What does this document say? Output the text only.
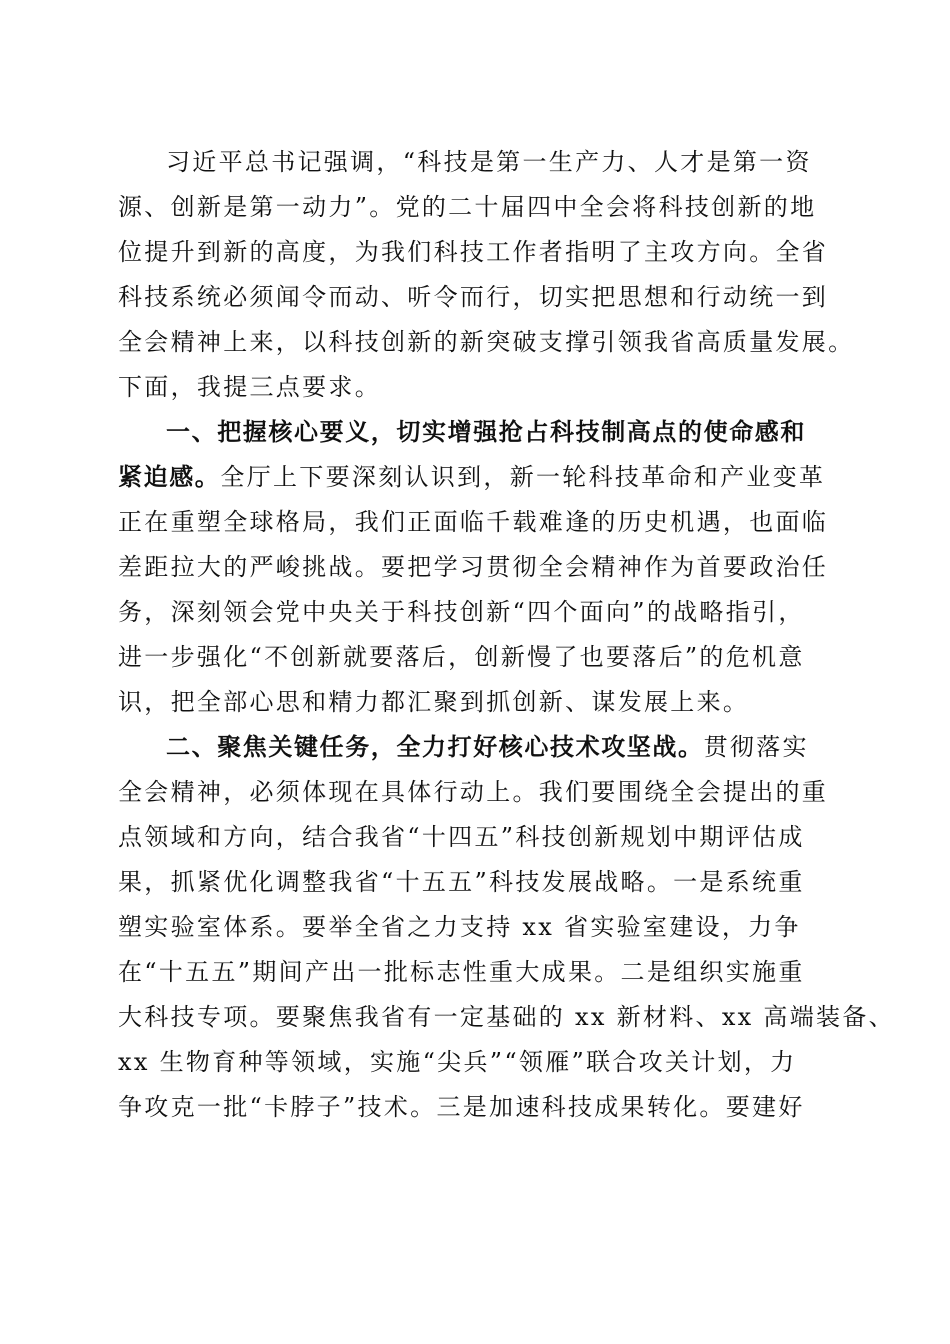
习近平总书记强调，“科技是第一生产力、人才是第一资
源、创新是第一动力”。党的二十届四中全会将科技创新的地
位提升到新的高度，为我们科技工作者指明了主攻方向。全省
科技系统必须闻令而动、听令而行，切实把思想和行动统一到
全会精神上来，以科技创新的新突破支撑引领我省高质量发展。
下面，我提三点要求。
一、把握核心要义，切实增强抢占科技制高点的使命感和
紧迫感。全厅上下要深刻认识到，新一轮科技革命和产业变革
正在重塑全球格局，我们正面临千载难逢的历史机遇，也面临
差距拉大的严峻挑战。要把学习贯彻全会精神作为首要政治任
务，深刻领会党中央关于科技创新“四个面向”的战略指引，
进一步强化“不创新就要落后，创新慢了也要落后”的危机意
识，把全部心思和精力都汇聚到抓创新、谋发展上来。
二、聚焦关键任务，全力打好核心技术攻坚战。贯彻落实
全会精神，必须体现在具体行动上。我们要围绕全会提出的重
点领域和方向，结合我省“十四五”科技创新规划中期评估成
果，抓紧优化调整我省“十五五”科技发展战略。一是系统重
塑实验室体系。要举全省之力支持 xx 省实验室建设，力争
在“十五五”期间产出一批标志性重大成果。二是组织实施重
大科技专项。要聚焦我省有一定基础的 xx 新材料、xx 高端装备、
xx 生物育种等领域，实施“尖兵”“领雁”联合攻关计划，力
争攻克一批“卡脖子”技术。三是加速科技成果转化。要建好
